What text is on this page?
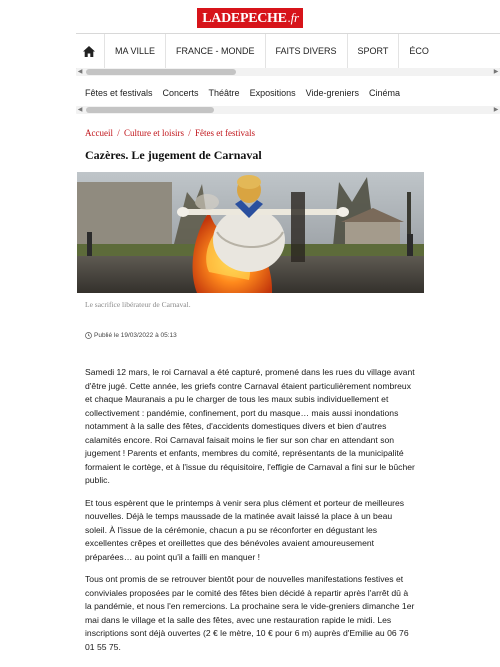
LADEPECHE.fr
MA VILLE FRANCE - MONDE FAITS DIVERS SPORT ÉCO
◀	▶
Fêtes et festivals Concerts Théâtre Expositions Vide-greniers Cinéma
◀	▶
Accueil / Culture et loisirs / Fêtes et festivals
Cazères. Le jugement de Carnaval
Le sacrifice libérateur de Carnaval.
Publié le 19/03/2022 à 05:13

Samedi 12 mars, le roi Carnaval a été capturé, promené dans les rues du village avant d'être jugé. Cette année, les griefs contre Carnaval étaient particulièrement nombreux et chaque Mauranais a pu le charger de tous les maux subis individuellement et collectivement : pandémie, confinement, port du masque… mais aussi inondations notamment à la salle des fêtes, d'accidents domestiques divers et bien d'autres calamités encore. Roi Carnaval faisait moins le fier sur son char en attendant son jugement ! Parents et enfants, membres du comité, représentants de la municipalité formaient le cortège, et à l'issue du réquisitoire, l'effigie de Carnaval a fini sur le bûcher public.

Et tous espèrent que le printemps à venir sera plus clément et porteur de meilleures nouvelles. Déjà le temps maussade de la matinée avait laissé la place à un beau soleil. À l'issue de la cérémonie, chacun a pu se réconforter en dégustant les excellentes crêpes et oreillettes que des bénévoles avaient amoureusement préparées… au point qu'il a failli en manquer !

Tous ont promis de se retrouver bientôt pour de nouvelles manifestations festives et conviviales proposées par le comité des fêtes bien décidé à repartir après l'arrêt dû à la pandémie, et nous l'en remercions. La prochaine sera le vide-greniers dimanche 1er mai dans le village et la salle des fêtes, avec une restauration rapide le midi. Les inscriptions sont déjà ouvertes (2 € le mètre, 10 € pour 6 m) auprès d'Emilie au 06 76 01 55 75.
